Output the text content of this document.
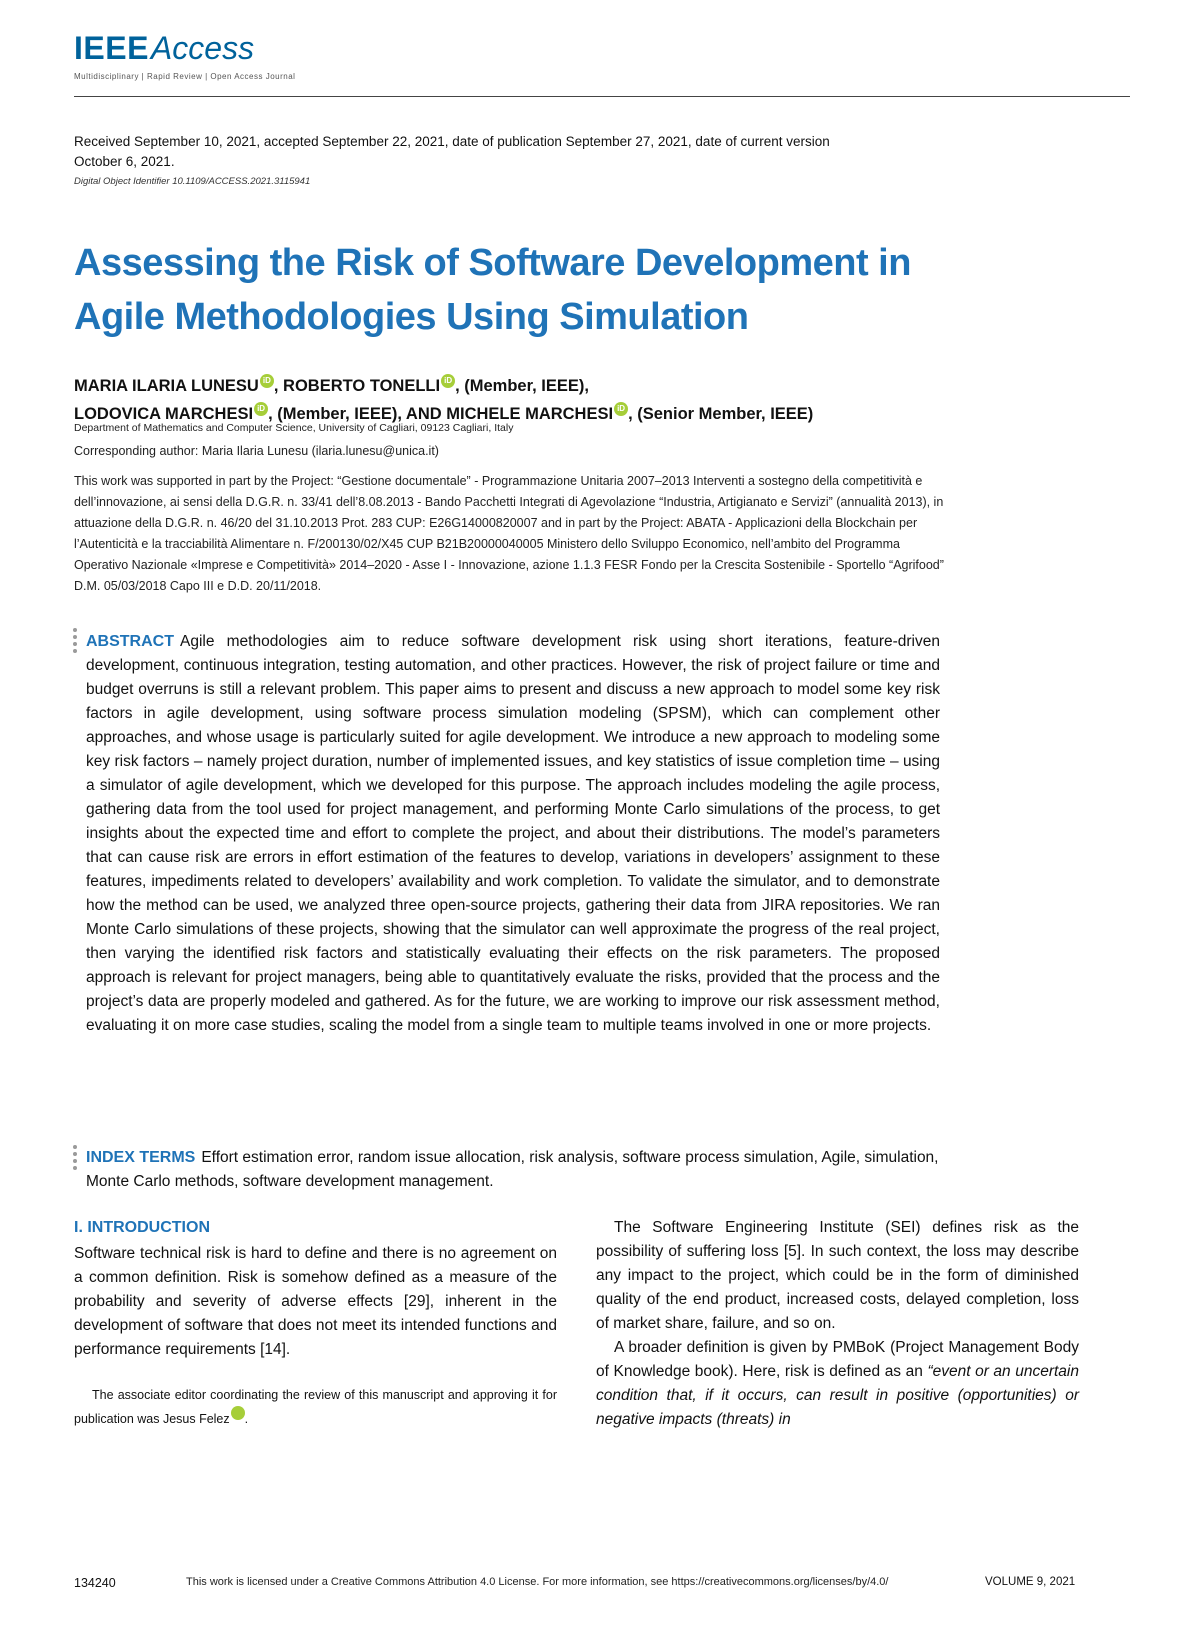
IEEEAccess
Multidisciplinary | Rapid Review | Open Access Journal
Received September 10, 2021, accepted September 22, 2021, date of publication September 27, 2021, date of current version October 6, 2021.
Digital Object Identifier 10.1109/ACCESS.2021.3115941
Assessing the Risk of Software Development in Agile Methodologies Using Simulation
MARIA ILARIA LUNESU iD , ROBERTO TONELLI iD , (Member, IEEE),
LODOVICA MARCHESI iD , (Member, IEEE), AND MICHELE MARCHESI iD , (Senior Member, IEEE)
Department of Mathematics and Computer Science, University of Cagliari, 09123 Cagliari, Italy
Corresponding author: Maria Ilaria Lunesu (ilaria.lunesu@unica.it)
This work was supported in part by the Project: “Gestione documentale” - Programmazione Unitaria 2007–2013 Interventi a sostegno della competitività e dell’innovazione, ai sensi della D.G.R. n. 33/41 dell’8.08.2013 - Bando Pacchetti Integrati di Agevolazione “Industria, Artigianato e Servizi” (annualità 2013), in attuazione della D.G.R. n. 46/20 del 31.10.2013 Prot. 283 CUP: E26G14000820007 and in part by the Project: ABATA - Applicazioni della Blockchain per l’Autenticità e la tracciabilità Alimentare n. F/200130/02/X45 CUP B21B20000040005 Ministero dello Sviluppo Economico, nell’ambito del Programma Operativo Nazionale «Imprese e Competitività» 2014–2020 - Asse I - Innovazione, azione 1.1.3 FESR Fondo per la Crescita Sostenibile - Sportello “Agrifood” D.M. 05/03/2018 Capo III e D.D. 20/11/2018.
ABSTRACT Agile methodologies aim to reduce software development risk using short iterations, feature-driven development, continuous integration, testing automation, and other practices. However, the risk of project failure or time and budget overruns is still a relevant problem. This paper aims to present and discuss a new approach to model some key risk factors in agile development, using software process simulation modeling (SPSM), which can complement other approaches, and whose usage is particularly suited for agile development. We introduce a new approach to modeling some key risk factors – namely project duration, number of implemented issues, and key statistics of issue completion time – using a simulator of agile development, which we developed for this purpose. The approach includes modeling the agile process, gathering data from the tool used for project management, and performing Monte Carlo simulations of the process, to get insights about the expected time and effort to complete the project, and about their distributions. The model’s parameters that can cause risk are errors in effort estimation of the features to develop, variations in developers’ assignment to these features, impediments related to developers’ availability and work completion. To validate the simulator, and to demonstrate how the method can be used, we analyzed three open-source projects, gathering their data from JIRA repositories. We ran Monte Carlo simulations of these projects, showing that the simulator can well approximate the progress of the real project, then varying the identified risk factors and statistically evaluating their effects on the risk parameters. The proposed approach is relevant for project managers, being able to quantitatively evaluate the risks, provided that the process and the project’s data are properly modeled and gathered. As for the future, we are working to improve our risk assessment method, evaluating it on more case studies, scaling the model from a single team to multiple teams involved in one or more projects.
INDEX TERMS Effort estimation error, random issue allocation, risk analysis, software process simulation, Agile, simulation, Monte Carlo methods, software development management.
I. INTRODUCTION

Software technical risk is hard to define and there is no agreement on a common definition. Risk is somehow defined as a measure of the probability and severity of adverse effects [29], inherent in the development of software that does not meet its intended functions and performance requirements [14].

The associate editor coordinating the review of this manuscript and approving it for publication was Jesus Felez iD.

The Software Engineering Institute (SEI) defines risk as the possibility of suffering loss [5]. In such context, the loss may describe any impact to the project, which could be in the form of diminished quality of the end product, increased costs, delayed completion, loss of market share, failure, and so on.

A broader definition is given by PMBoK (Project Management Body of Knowledge book). Here, risk is defined as an “event or an uncertain condition that, if it occurs, can result in positive (opportunities) or negative impacts (threats) in

134240	This work is licensed under a Creative Commons Attribution 4.0 License. For more information, see https://creativecommons.org/licenses/by/4.0/	VOLUME 9, 2021
